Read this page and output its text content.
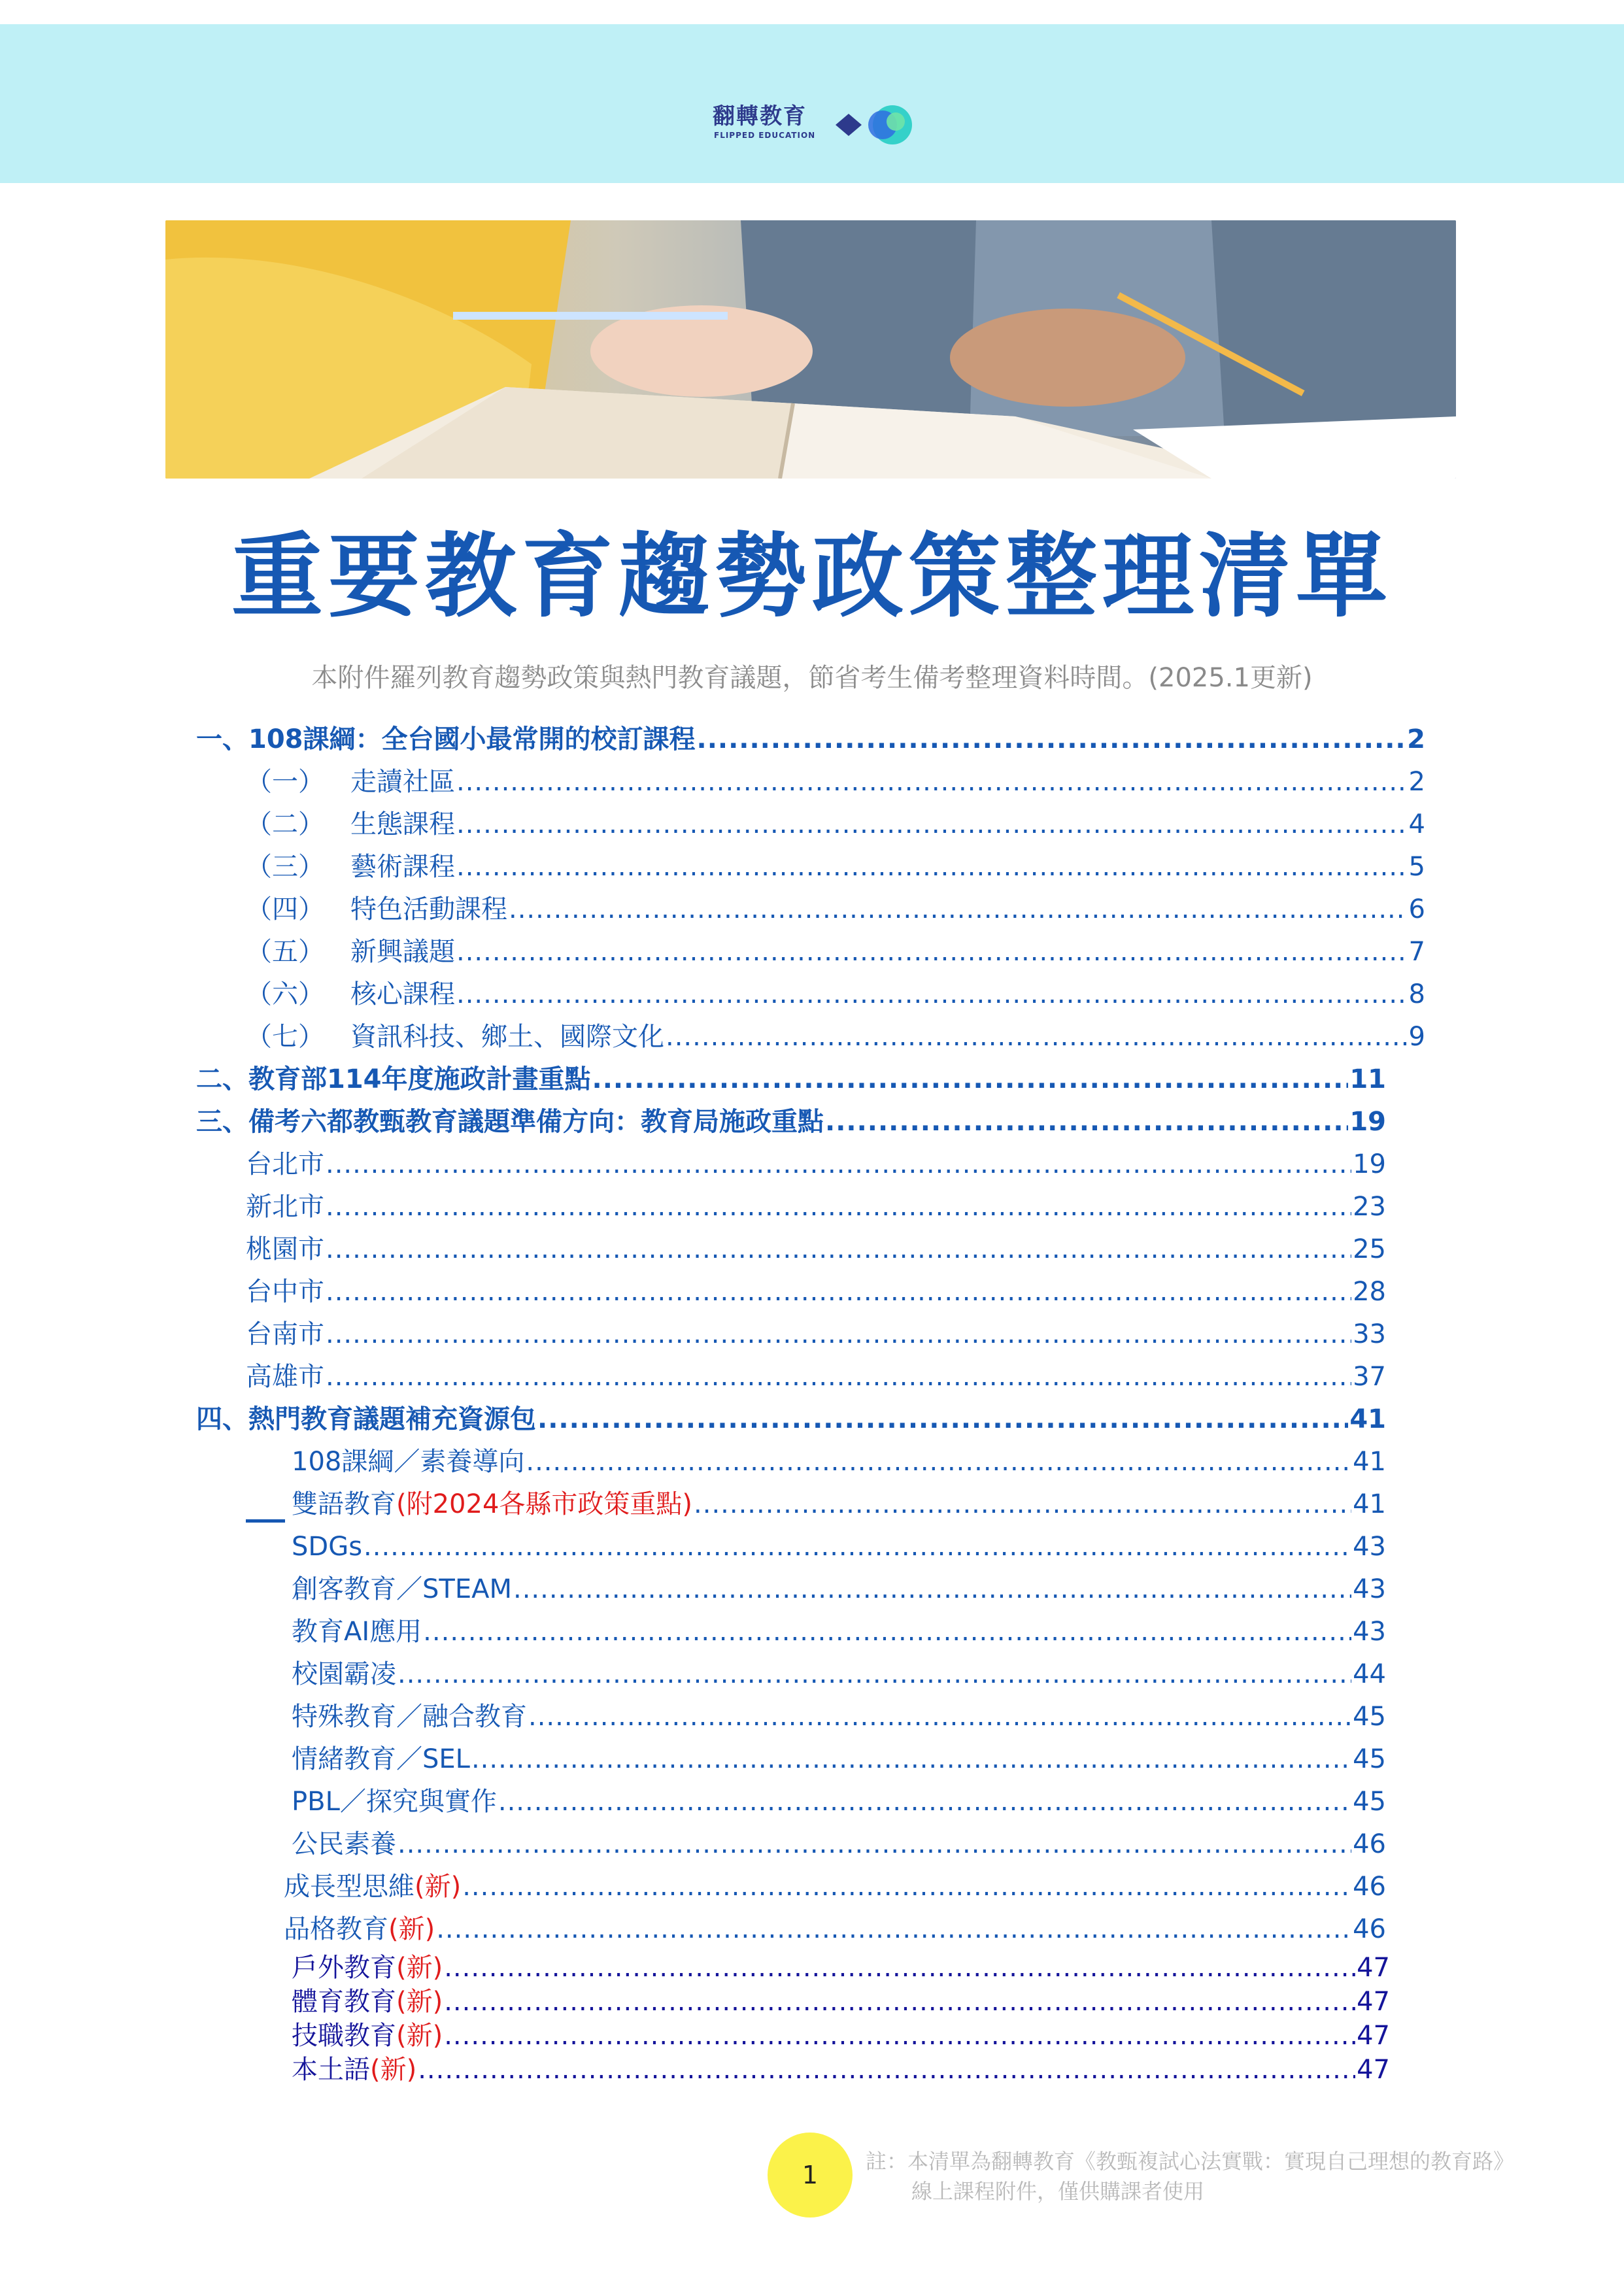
翻轉教育
FLIPPED EDUCATION
重要教育趨勢政策整理清單
本附件羅列教育趨勢政策與熱門教育議題，節省考生備考整理資料時間。(2025.1更新)
一、108課綱：全台國小最常開的校訂課程 .....	2
（一） 走讀社區 .....	2
（二） 生態課程 .....	4
（三） 藝術課程 .....	5
（四） 特色活動課程 .....	6
（五） 新興議題 .....	7
（六） 核心課程 .....	8
（七） 資訊科技、鄉土、國際文化 .....	9
二、教育部114年度施政計畫重點 .....	11
三、備考六都教甄教育議題準備方向：教育局施政重點 .....	19
台北市 .....	19
新北市 .....	23
桃園市 .....	25
台中市 .....	28
台南市 .....	33
高雄市 .....	37
四、熱門教育議題補充資源包 .....	41
108課綱／素養導向 .....	41
雙語教育(附2024各縣市政策重點) .....	41
SDGs .....	43
創客教育／STEAM .....	43
教育AI應用 .....	43
校園霸凌 .....	44
特殊教育／融合教育 .....	45
情緒教育／SEL .....	45
PBL／探究與實作 .....	45
公民素養 .....	46
成長型思維(新) .....	46
品格教育(新) .....	46
戶外教育(新) .....	47
體育教育(新) .....	47
技職教育(新) .....	47
本土語(新) .....	47
1	註：本清單為翻轉教育《教甄複試心法實戰：實現自己理想的教育路》
線上課程附件，僅供購課者使用
